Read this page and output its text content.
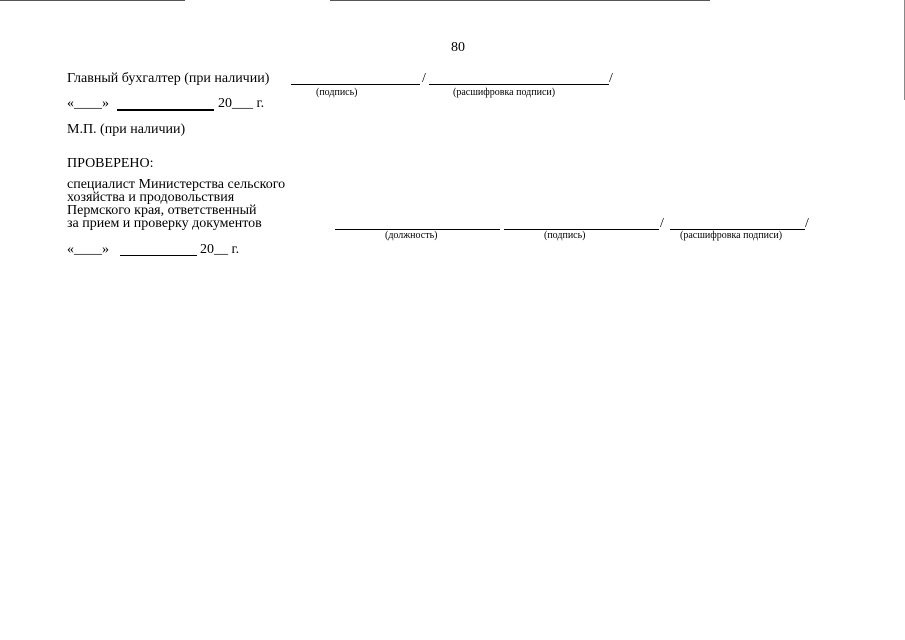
80
Главный бухгалтер (при наличии)	/	/
(подпись)	(расшифровка подписи)
«____»	20___ г.
М.П. (при наличии)
ПРОВЕРЕНО:
специалист Министерства сельского
хозяйства и продовольствия
Пермского края, ответственный
за прием и проверку документов	/	/
(должность)	(подпись)	(расшифровка подписи)
«____»	20__ г.
